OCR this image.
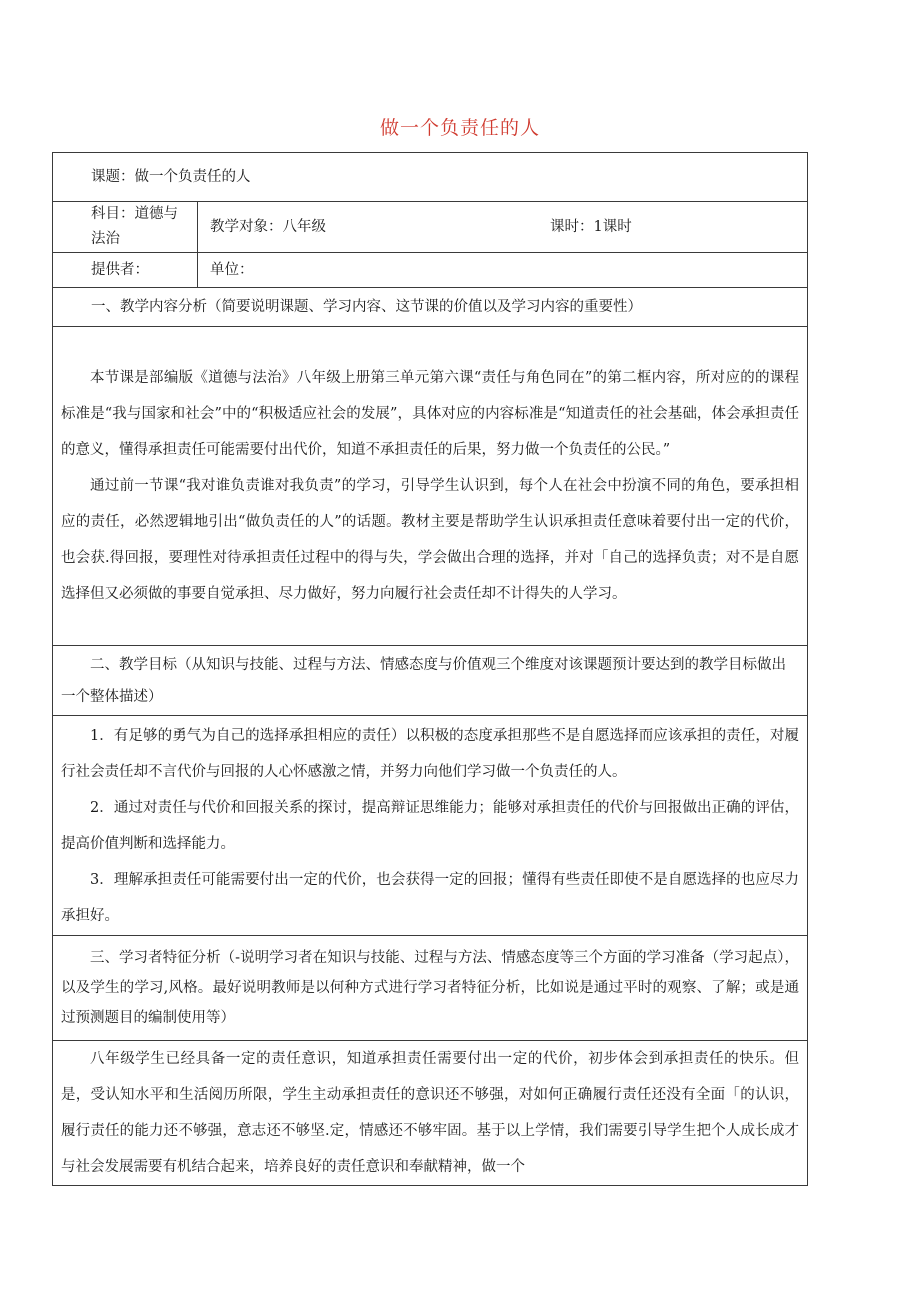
做一个负责任的人
课题：做一个负责任的人	
科目：道德与法治	教学对象：八年级 课时：1课时

提供者：	单位：
一、教学内容分析（简要说明课题、学习内容、这节课的价值以及学习内容的重要性）	

本节课是部编版《道德与法治》八年级上册第三单元第六课“责任与角色同在”的第二框内容，所对应的的课程标准是“我与国家和社会”中的“积极适应社会的发展”，具体对应的内容标准是“知道责任的社会基础，体会承担责任的意义，懂得承担责任可能需要付出代价，知道不承担责任的后果，努力做一个负责任的公民。”

通过前一节课“我对谁负责谁对我负责”的学习，引导学生认识到，每个人在社会中扮演不同的角色，要承担相应的责任，必然逻辑地引出“做负责任的人”的话题。教材主要是帮助学生认识承担责任意味着要付出一定的代价，也会获.得回报，要理性对待承担责任过程中的得与失，学会做出合理的选择，并对「自己的选择负责；对不是自愿选择但又必须做的事要自觉承担、尽力做好，努力向履行社会责任却不计得失的人学习。	

二、教学目标（从知识与技能、过程与方法、情感态度与价值观三个维度对该课题预计要达到的教学目标做出一个整体描述）	

1．有足够的勇气为自己的选择承担相应的责任）以积极的态度承担那些不是自愿选择而应该承担的责任，对履行社会责任却不言代价与回报的人心怀感激之情，并努力向他们学习做一个负责任的人。

2．通过对责任与代价和回报关系的探讨，提高辩证思维能力；能够对承担责任的代价与回报做出正确的评估，提高价值判断和选择能力。

3．理解承担责任可能需要付出一定的代价，也会获得一定的回报；懂得有些责任即使不是自愿选择的也应尽力承担好。	

三、学习者特征分析（-说明学习者在知识与技能、过程与方法、情感态度等三个方面的学习准备（学习起点），以及学生的学习,风格。最好说明教师是以何种方式进行学习者特征分析，比如说是通过平时的观察、了解；或是通过预测题目的编制使用等）	

八年级学生已经具备一定的责任意识，知道承担责任需要付出一定的代价，初步体会到承担责任的快乐。但是，受认知水平和生活阅历所限，学生主动承担责任的意识还不够强，对如何正确履行责任还没有全面「的认识，履行责任的能力还不够强，意志还不够坚.定，情感还不够牢固。基于以上学情，我们需要引导学生把个人成长成才与社会发展需要有机结合起来，培养良好的责任意识和奉献精神，做一个	
